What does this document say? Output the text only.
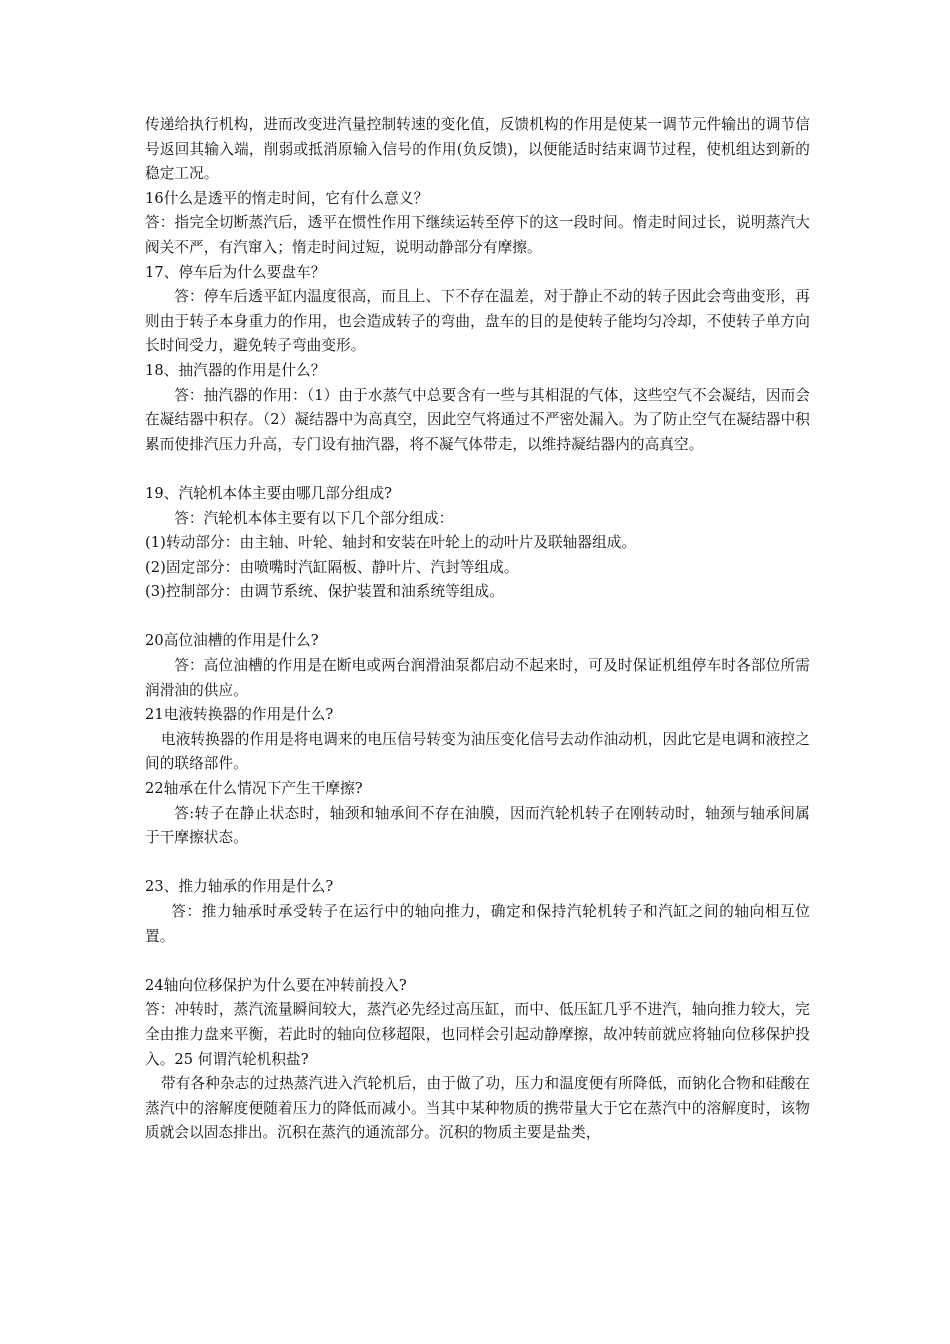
传递给执行机构，进而改变进汽量控制转速的变化值，反馈机构的作用是使某一调节元件输出的调节信号返回其输入端，削弱或抵消原输入信号的作用(负反馈)，以便能适时结束调节过程，使机组达到新的稳定工况。

16什么是透平的惰走时间，它有什么意义？

答：指完全切断蒸汽后，透平在惯性作用下继续运转至停下的这一段时间。惰走时间过长，说明蒸汽大阀关不严，有汽窜入；惰走时间过短，说明动静部分有摩擦。

17、停车后为什么要盘车？

答：停车后透平缸内温度很高，而且上、下不存在温差，对于静止不动的转子因此会弯曲变形，再则由于转子本身重力的作用，也会造成转子的弯曲，盘车的目的是使转子能均匀冷却，不使转子单方向长时间受力，避免转子弯曲变形。

18、抽汽器的作用是什么？

答：抽汽器的作用：（1）由于水蒸气中总要含有一些与其相混的气体，这些空气不会凝结，因而会在凝结器中积存。（2）凝结器中为高真空，因此空气将通过不严密处漏入。为了防止空气在凝结器中积累而使排汽压力升高，专门设有抽汽器，将不凝气体带走，以维持凝结器内的高真空。

19、汽轮机本体主要由哪几部分组成?

答：汽轮机本体主要有以下几个部分组成：

(1)转动部分：由主轴、叶轮、轴封和安装在叶轮上的动叶片及联轴器组成。

(2)固定部分：由喷嘴时汽缸隔板、静叶片、汽封等组成。

(3)控制部分：由调节系统、保护装置和油系统等组成。

20高位油槽的作用是什么?

答：高位油槽的作用是在断电或两台润滑油泵都启动不起来时，可及时保证机组停车时各部位所需润滑油的供应。

21电液转换器的作用是什么?

电液转换器的作用是将电调来的电压信号转变为油压变化信号去动作油动机，因此它是电调和液控之间的联络部件。

22轴承在什么情况下产生干摩擦?

答:转子在静止状态时，轴颈和轴承间不存在油膜，因而汽轮机转子在刚转动时，轴颈与轴承间属于干摩擦状态。

23、推力轴承的作用是什么?

答：推力轴承时承受转子在运行中的轴向推力，确定和保持汽轮机转子和汽缸之间的轴向相互位置。

24轴向位移保护为什么要在冲转前投入?

答：冲转时，蒸汽流量瞬间较大，蒸汽必先经过高压缸，而中、低压缸几乎不进汽，轴向推力较大，完全由推力盘来平衡，若此时的轴向位移超限，也同样会引起动静摩擦，故冲转前就应将轴向位移保护投入。25 何谓汽轮机积盐?

带有各种杂志的过热蒸汽进入汽轮机后，由于做了功，压力和温度便有所降低，而钠化合物和硅酸在蒸汽中的溶解度便随着压力的降低而减小。当其中某种物质的携带量大于它在蒸汽中的溶解度时，该物质就会以固态排出。沉积在蒸汽的通流部分。沉积的物质主要是盐类，
